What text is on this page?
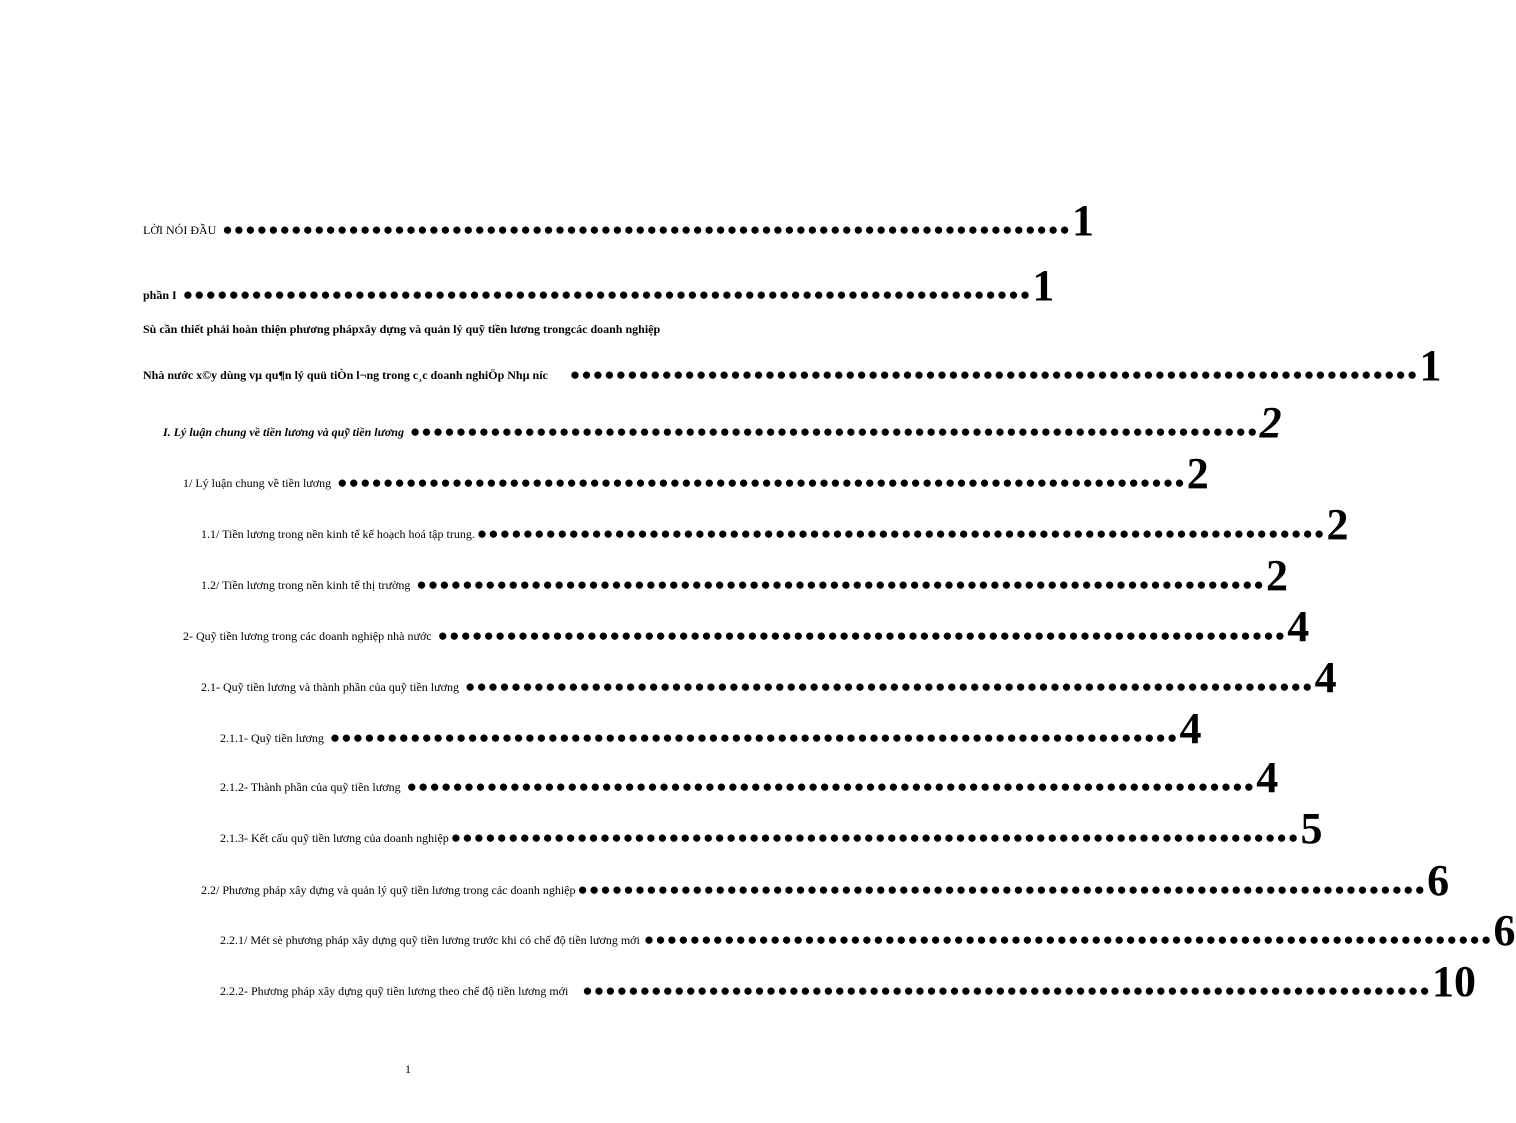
LỜI NÓI ĐẦU ●●●●●●●●●●●●●●●●●●●●●●●●●●●●●●●●●●●●●●●●●●●●●●●●●●●●●●●●●●●●●●●●●●●●●●●●●● 1
phần I ●●●●●●●●●●●●●●●●●●●●●●●●●●●●●●●●●●●●●●●●●●●●●●●●●●●●●●●●●●●●●●●●●●●●●●●●●● 1
Sù cần thiết phải hoàn thiện phương phápxây dựng và quản lý quỹ tiền lương trongcác doanh nghiệp
Nhà nước x©y dùng vµ qu¶n lý quü tiÒn l¬ng trong c¸c doanh nghiÖp Nhµ níc ●●●●●●●●●●●●●●●●●●●●●●●●●●●●●●●●●●●●●●●●●●●●●●●●●●●●●●●●●●●●●●●●●●●●●●●●●● 1
I. Lý luận chung về tiền lương và quỹ tiền lương ●●●●●●●●●●●●●●●●●●●●●●●●●●●●●●●●●●●●●●●●●●●●●●●●●●●●●●●●●●●●●●●●●●●●●●●●●● 2
1/ Lý luận chung về tiền lương ●●●●●●●●●●●●●●●●●●●●●●●●●●●●●●●●●●●●●●●●●●●●●●●●●●●●●●●●●●●●●●●●●●●●●●●●●● 2
1.1/ Tiền lương trong nền kinh tế kế hoạch hoá tập trung. ●●●●●●●●●●●●●●●●●●●●●●●●●●●●●●●●●●●●●●●●●●●●●●●●●●●●●●●●●●●●●●●●●●●●●●●●●● 2
1.2/ Tiền lương trong nền kinh tế thị trường ●●●●●●●●●●●●●●●●●●●●●●●●●●●●●●●●●●●●●●●●●●●●●●●●●●●●●●●●●●●●●●●●●●●●●●●●●● 2
2- Quỹ tiền lương trong các doanh nghiệp nhà nước ●●●●●●●●●●●●●●●●●●●●●●●●●●●●●●●●●●●●●●●●●●●●●●●●●●●●●●●●●●●●●●●●●●●●●●●●●● 4
2.1- Quỹ tiền lương và thành phần của quỹ tiền lương ●●●●●●●●●●●●●●●●●●●●●●●●●●●●●●●●●●●●●●●●●●●●●●●●●●●●●●●●●●●●●●●●●●●●●●●●●● 4
2.1.1- Quỹ tiền lương ●●●●●●●●●●●●●●●●●●●●●●●●●●●●●●●●●●●●●●●●●●●●●●●●●●●●●●●●●●●●●●●●●●●●●●●●●● 4
2.1.2- Thành phần của quỹ tiền lương ●●●●●●●●●●●●●●●●●●●●●●●●●●●●●●●●●●●●●●●●●●●●●●●●●●●●●●●●●●●●●●●●●●●●●●●●●● 4
2.1.3- Kết cấu quỹ tiền lương của doanh nghiệp ●●●●●●●●●●●●●●●●●●●●●●●●●●●●●●●●●●●●●●●●●●●●●●●●●●●●●●●●●●●●●●●●●●●●●●●●●● 5
2.2/ Phương pháp xây dựng và quản lý quỹ tiền lương trong các doanh nghiệp ●●●●●●●●●●●●●●●●●●●●●●●●●●●●●●●●●●●●●●●●●●●●●●●●●●●●●●●●●●●●●●●●●●●●●●●●●● 6
2.2.1/ Mét sè phương pháp xây dựng quỹ tiền lương trước khi có chế độ tiền lương mới ●●●●●●●●●●●●●●●●●●●●●●●●●●●●●●●●●●●●●●●●●●●●●●●●●●●●●●●●●●●●●●●●●●●●●●●●●● 6
2.2.2- Phương pháp xây dựng quỹ tiền lương theo chế độ tiền lương mới ●●●●●●●●●●●●●●●●●●●●●●●●●●●●●●●●●●●●●●●●●●●●●●●●●●●●●●●●●●●●●●●●●●●●●●●●●● 10
1
